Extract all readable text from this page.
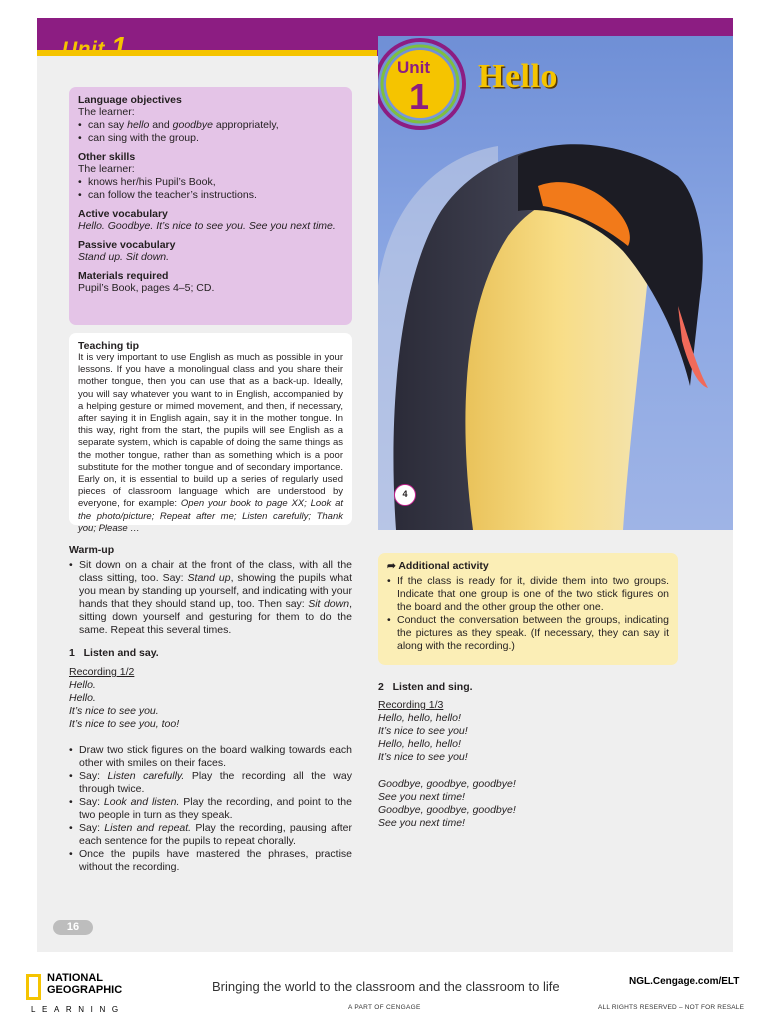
Unit 1
Language objectives
The learner:
• can say hello and goodbye appropriately,
• can sing with the group.
Other skills
The learner:
• knows her/his Pupil’s Book,
• can follow the teacher’s instructions.
Active vocabulary
Hello. Goodbye. It’s nice to see you. See you next time.
Passive vocabulary
Stand up. Sit down.
Materials required
Pupil’s Book, pages 4–5; CD.
Teaching tip
It is very important to use English as much as possible in your lessons. If you have a monolingual class and you share their mother tongue, then you can use that as a back-up. Ideally, you will say whatever you want to in English, accompanied by a helping gesture or mimed movement, and then, if necessary, after saying it in English again, say it in the mother tongue. In this way, right from the start, the pupils will see English as a separate system, which is capable of doing the same things as the mother tongue, rather than as something which is a poor substitute for the mother tongue and of secondary importance. Early on, it is essential to build up a series of regularly used pieces of classroom language which are understood by everyone, for example: Open your book to page XX; Look at the photo/picture; Repeat after me; Listen carefully; Thank you; Please …
Unit
1 Hello
4
➦ Additional activity
• If the class is ready for it, divide them into two groups. Indicate that one group is one of the two stick figures on the board and the other group the other one.
• Conduct the conversation between the groups, indicating the pictures as they speak. (If necessary, they can say it along with the recording.)
Warm-up
• Sit down on a chair at the front of the class, with all the class sitting, too. Say: Stand up, showing the pupils what you mean by standing up yourself, and indicating with your hands that they should stand up, too. Then say: Sit down, sitting down yourself and gesturing for them to do the same. Repeat this several times.
1 Listen and say.
Recording 1/2
Hello.
Hello.
It’s nice to see you.
It’s nice to see you, too!
• Draw two stick figures on the board walking towards each other with smiles on their faces.
• Say: Listen carefully. Play the recording all the way through twice.
• Say: Look and listen. Play the recording, and point to the two people in turn as they speak.
• Say: Listen and repeat. Play the recording, pausing after each sentence for the pupils to repeat chorally.
• Once the pupils have mastered the phrases, practise without the recording.
2 Listen and sing.
Recording 1/3
Hello, hello, hello!
It’s nice to see you!
Hello, hello, hello!
It’s nice to see you!
Goodbye, goodbye, goodbye!
See you next time!
Goodbye, goodbye, goodbye!
See you next time!
16
NATIONAL
GEOGRAPHIC
LEARNING
Bringing the world to the classroom and the classroom to life
A PART OF CENGAGE
NGL.Cengage.com/ELT
ALL RIGHTS RESERVED – NOT FOR RESALE
